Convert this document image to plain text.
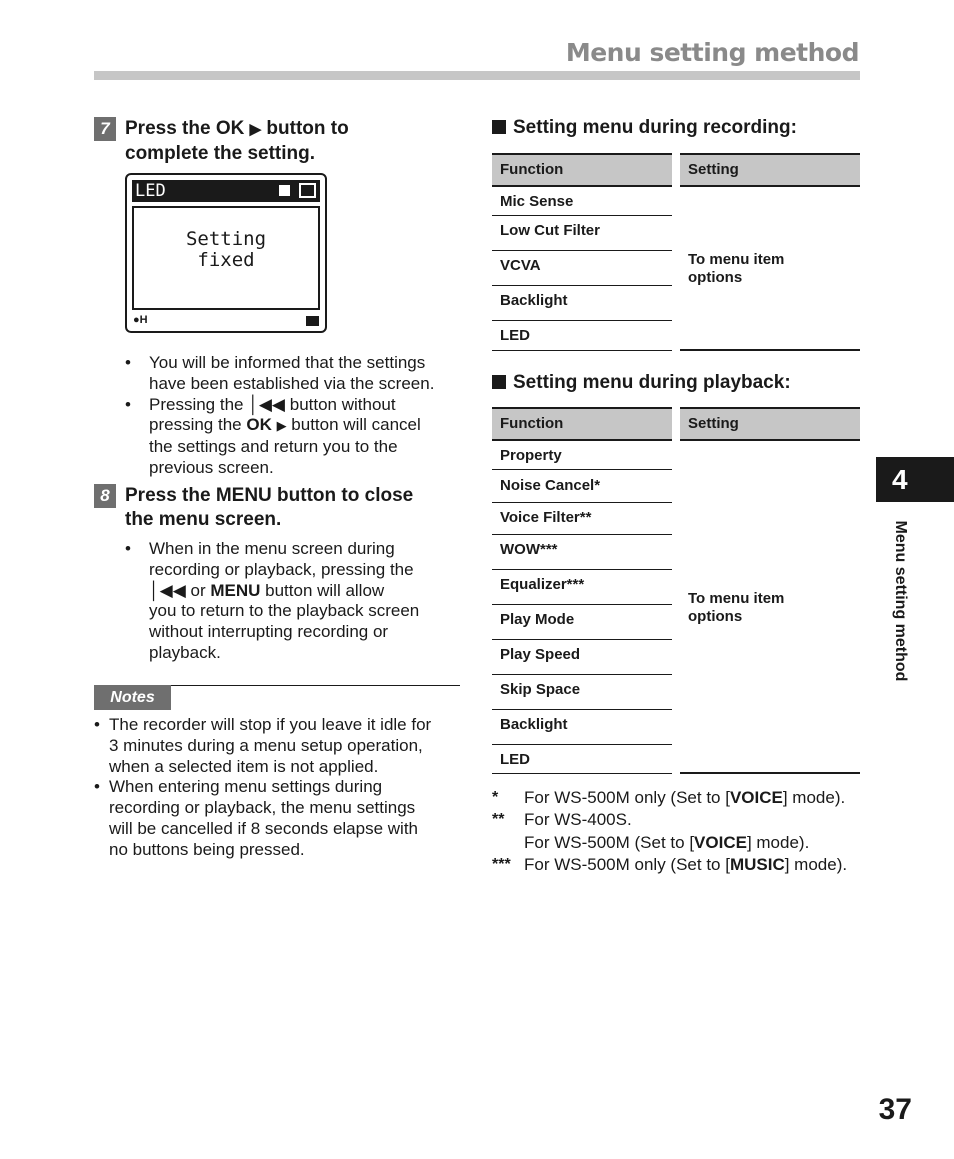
Menu setting method
7 Press the OK ▶ button to
complete the setting.
LED
Setting
fixed
●H
• You will be informed that the settings
have been established via the screen.
• Pressing the │◀◀ button without
pressing the OK ▶ button will cancel
the settings and return you to the
previous screen.
8 Press the MENU button to close
the menu screen.
• When in the menu screen during
recording or playback, pressing the
│◀◀ or MENU button will allow
you to return to the playback screen
without interrupting recording or
playback.
Notes
• The recorder will stop if you leave it idle for
3 minutes during a menu setup operation,
when a selected item is not applied.
• When entering menu settings during
recording or playback, the menu settings
will be cancelled if 8 seconds elapse with
no buttons being pressed.
Setting menu during recording:
Function	Setting
Mic Sense
Low Cut Filter
VCVA
Backlight
LED
To menu item
options
Setting menu during playback:
Function	Setting
Property
Noise Cancel*
Voice Filter**
WOW***
Equalizer***
Play Mode
Play Speed
Skip Space
Backlight
LED
To menu item
options
* For WS-500M only (Set to [VOICE] mode).
** For WS-400S.
For WS-500M (Set to [VOICE] mode).
*** For WS-500M only (Set to [MUSIC] mode).
4
Menu setting method
37
